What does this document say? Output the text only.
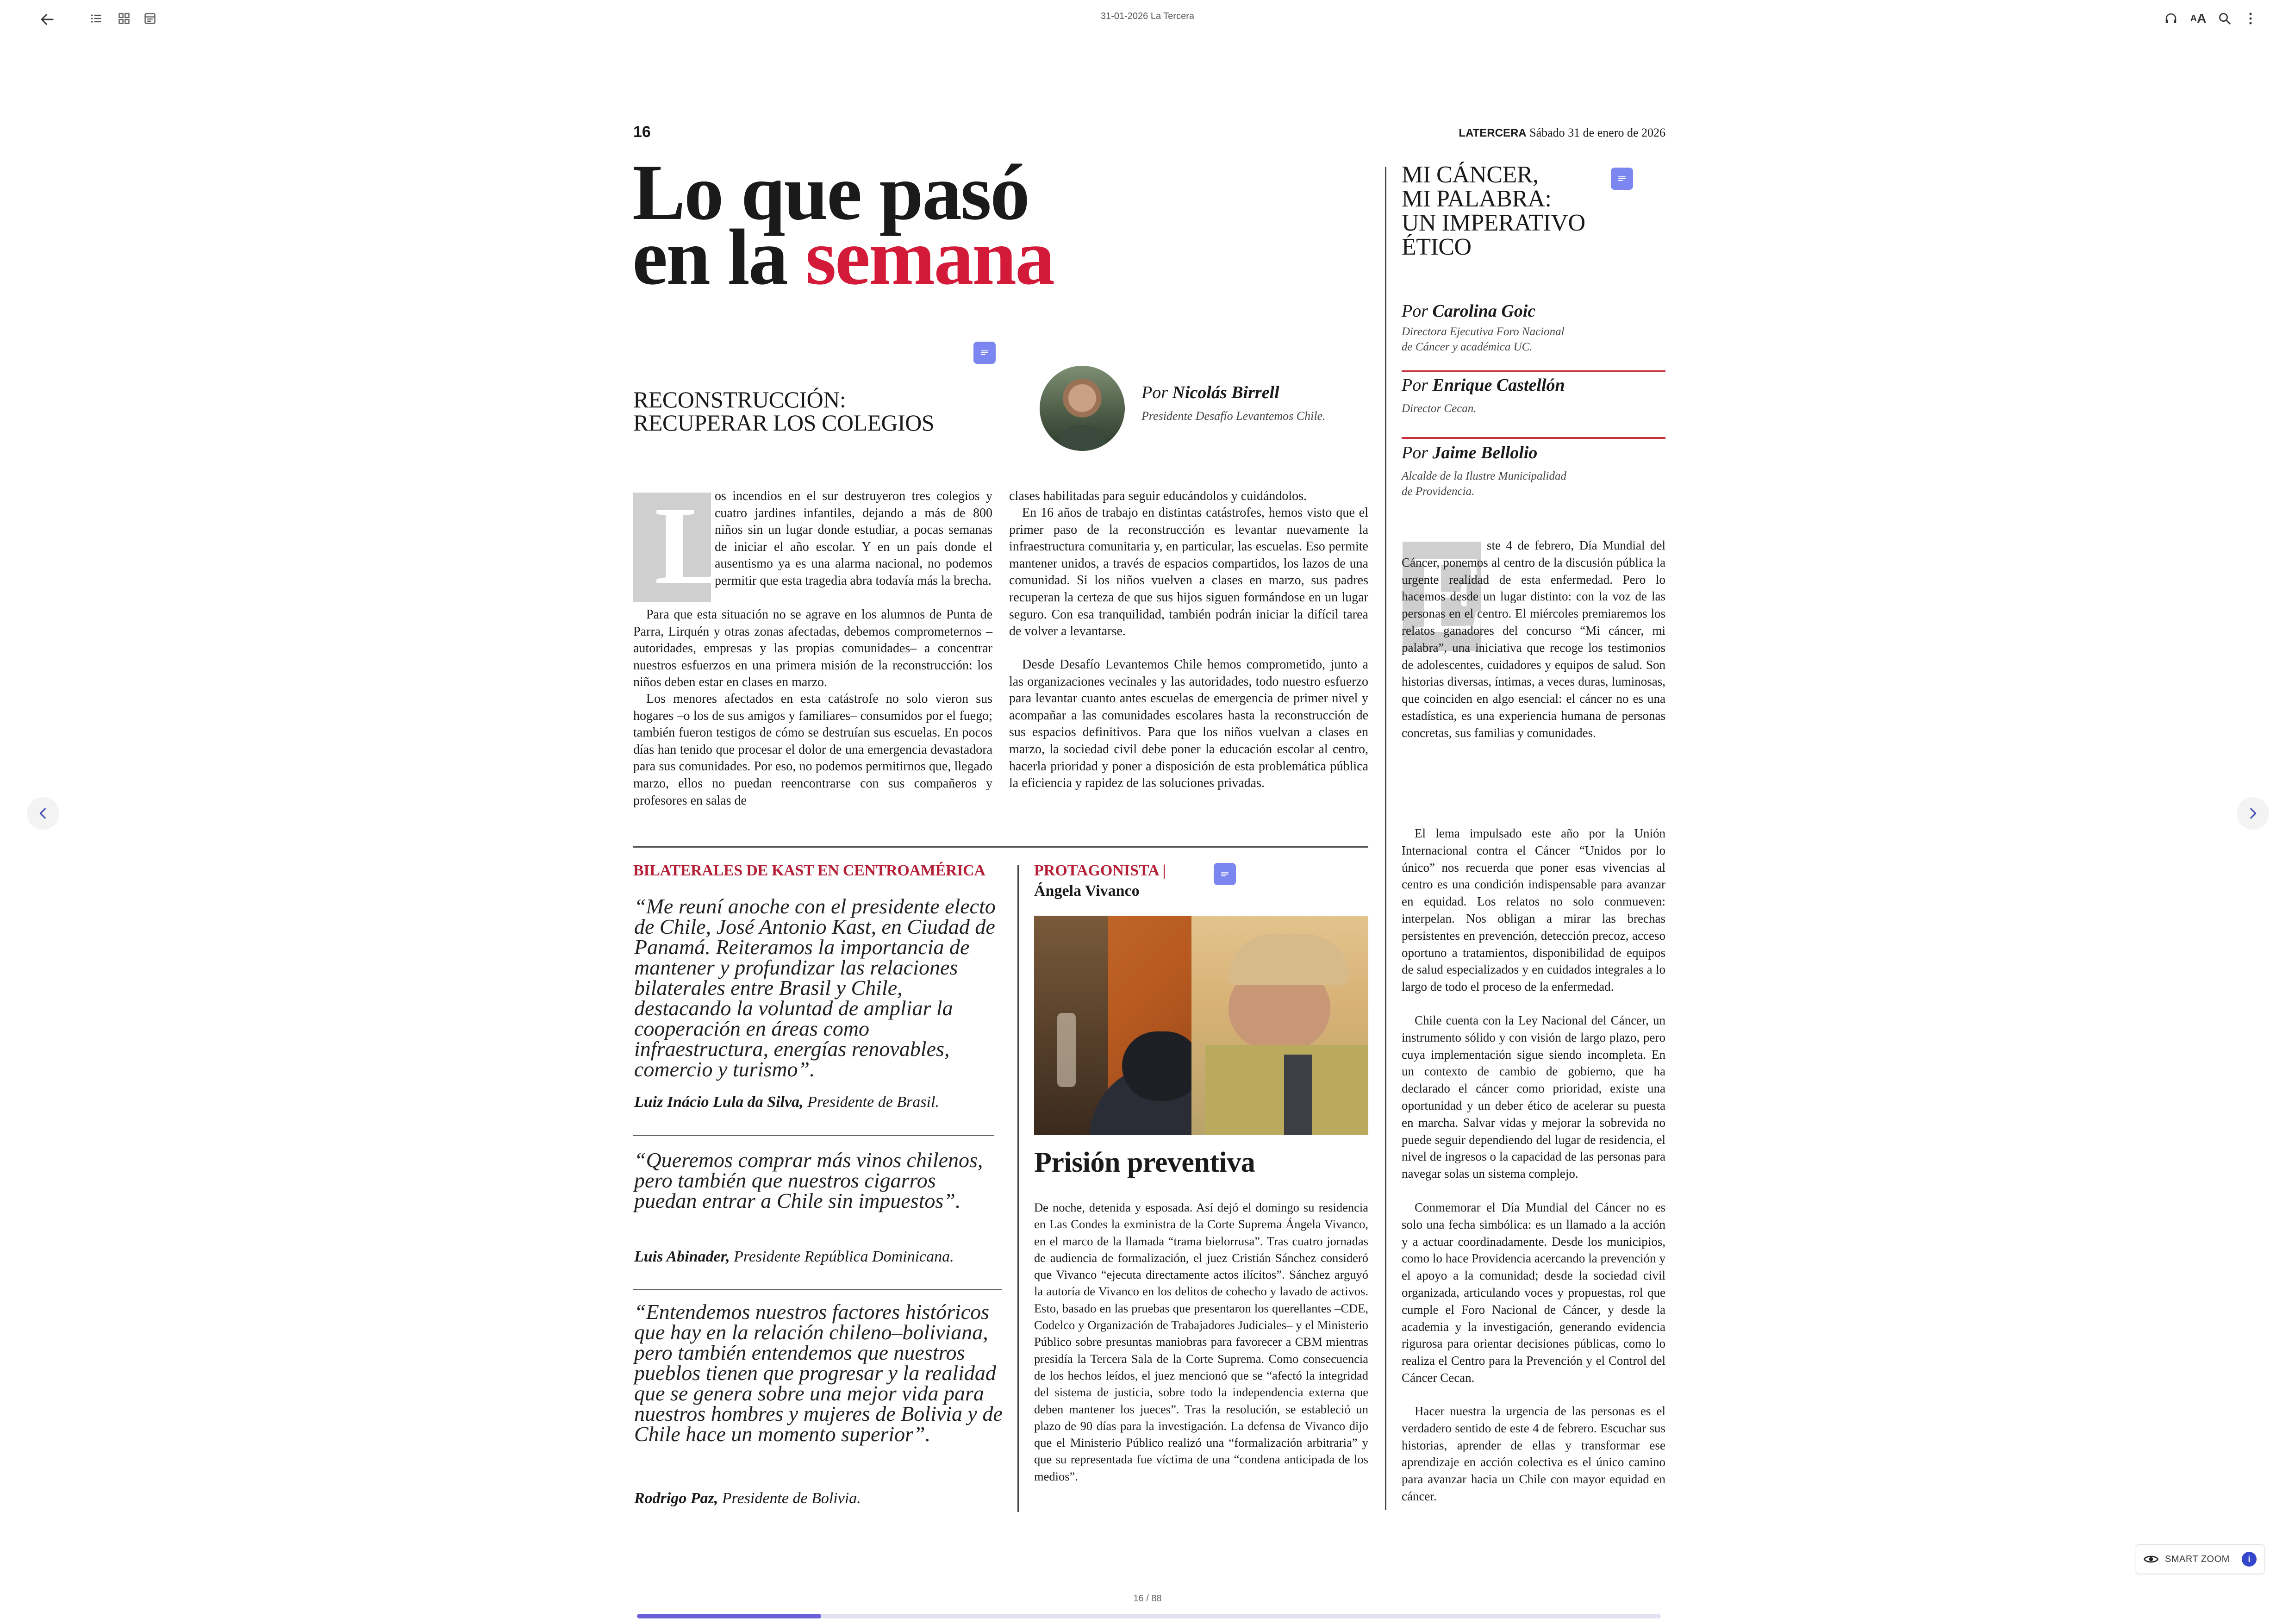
31-01-2026 La Tercera	A A
16	LATERCERA Sábado 31 de enero de 2026
Lo que pasó
en la semana
RECONSTRUCCIÓN:
RECUPERAR LOS COLEGIOS
Por Nicolás Birrell
Presidente Desafío Levantemos Chile.
L

os incendios en el sur destruyeron tres colegios y cuatro jardines infantiles, dejando a más de 800 niños sin un lugar donde estudiar, a pocas semanas de iniciar el año escolar. Y en un país donde el ausentismo ya es una alarma nacional, no podemos permitir que esta tragedia abra todavía más la brecha.

Para que esta situación no se agrave en los alumnos de Punta de Parra, Lirquén y otras zonas afectadas, debemos comprometernos –autoridades, empresas y las propias comunidades– a concentrar nuestros esfuerzos en una primera misión de la reconstrucción: los niños deben estar en clases en marzo.

Los menores afectados en esta catástrofe no solo vieron sus hogares –o los de sus amigos y familiares– consumidos por el fuego; también fueron testigos de cómo se destruían sus escuelas. En pocos días han tenido que procesar el dolor de una emergencia devastadora para sus comunidades. Por eso, no podemos permitirnos que, llegado marzo, ellos no puedan reencontrarse con sus compañeros y profesores en salas de

clases habilitadas para seguir educándolos y cuidándolos.

En 16 años de trabajo en distintas catástrofes, hemos visto que el primer paso de la reconstrucción es levantar nuevamente la infraestructura comunitaria y, en particular, las escuelas. Eso permite mantener unidos, a través de espacios compartidos, los lazos de una comunidad. Si los niños vuelven a clases en marzo, sus padres recuperan la certeza de que sus hijos siguen formándose en un lugar seguro. Con esa tranquilidad, también podrán iniciar la difícil tarea de volver a levantarse.

Desde Desafío Levantemos Chile hemos comprometido, junto a las organizaciones vecinales y las autoridades, todo nuestro esfuerzo para levantar cuanto antes escuelas de emergencia de primer nivel y acompañar a las comunidades escolares hasta la reconstrucción de sus espacios definitivos. Para que los niños vuelvan a clases en marzo, la sociedad civil debe poner la educación escolar al centro, hacerla prioridad y poner a disposición de esta problemática pública la eficiencia y rapidez de las soluciones privadas.

BILATERALES DE KAST EN CENTROAMÉRICA
“Me reuní anoche con el presidente electo de Chile, José Antonio Kast, en Ciudad de Panamá. Reiteramos la importancia de mantener y profundizar las relaciones bilaterales entre Brasil y Chile, destacando la voluntad de ampliar la cooperación en áreas como infraestructura, energías renovables, comercio y turismo”.
Luiz Inácio Lula da Silva, Presidente de Brasil.
“Queremos comprar más vinos chilenos, pero también que nuestros cigarros puedan entrar a Chile sin impuestos”.
Luis Abinader, Presidente República Dominicana.
“Entendemos nuestros factores históricos que hay en la relación chileno–boliviana, pero también entendemos que nuestros pueblos tienen que progresar y la realidad que se genera sobre una mejor vida para nuestros hombres y mujeres de Bolivia y de Chile hace un momento superior”.
Rodrigo Paz, Presidente de Bolivia.
PROTAGONISTA |
Ángela Vivanco
Prisión preventiva

De noche, detenida y esposada. Así dejó el domingo su residencia en Las Condes la exministra de la Corte Suprema Ángela Vivanco, en el marco de la llamada “trama bielorrusa”. Tras cuatro jornadas de audiencia de formalización, el juez Cristián Sánchez consideró que Vivanco “ejecuta directamente actos ilícitos”. Sánchez arguyó la autoría de Vivanco en los delitos de cohecho y lavado de activos. Esto, basado en las pruebas que presentaron los querellantes –CDE, Codelco y Organización de Trabajadores Judiciales– y el Ministerio Público sobre presuntas maniobras para favorecer a CBM mientras presidía la Tercera Sala de la Corte Suprema. Como consecuencia de los hechos leídos, el juez mencionó que se “afectó la integridad del sistema de justicia, sobre todo la independencia externa que deben mantener los jueces”. Tras la resolución, se estableció un plazo de 90 días para la investigación. La defensa de Vivanco dijo que el Ministerio Público realizó una “formalización arbitraria” y que su representada fue víctima de una “condena anticipada de los medios”.

MI CÁNCER,
MI PALABRA:
UN IMPERATIVO
ÉTICO
Por Carolina Goic
Directora Ejecutiva Foro Nacional
de Cáncer y académica UC.
Por Enrique Castellón
Director Cecan.
Por Jaime Bellolio
Alcalde de la Ilustre Municipalidad
de Providencia.
E ste 4 de febrero, Día Mundial del Cáncer, ponemos al centro de la discusión pública la urgente realidad de esta enfermedad. Pero lo hacemos desde un lugar distinto: con la voz de las personas en el centro. El miércoles premiaremos los relatos ganadores del concurso “Mi cáncer, mi palabra”, una iniciativa que recoge los testimonios de adolescentes, cuidadores y equipos de salud. Son historias diversas, íntimas, a veces duras, luminosas, que coinciden en algo esencial: el cáncer no es una estadística, es una experiencia humana de personas concretas, sus familias y comunidades.

El lema impulsado este año por la Unión Internacional contra el Cáncer “Unidos por lo único” nos recuerda que poner esas vivencias al centro es una condición indispensable para avanzar en equidad. Los relatos no solo conmueven: interpelan. Nos obligan a mirar las brechas persistentes en prevención, detección precoz, acceso oportuno a tratamientos, disponibilidad de equipos de salud especializados y en cuidados integrales a lo largo de todo el proceso de la enfermedad.

Chile cuenta con la Ley Nacional del Cáncer, un instrumento sólido y con visión de largo plazo, pero cuya implementación sigue siendo incompleta. En un contexto de cambio de gobierno, que ha declarado el cáncer como prioridad, existe una oportunidad y un deber ético de acelerar su puesta en marcha. Salvar vidas y mejorar la sobrevida no puede seguir dependiendo del lugar de residencia, el nivel de ingresos o la capacidad de las personas para navegar solas un sistema complejo.

Conmemorar el Día Mundial del Cáncer no es solo una fecha simbólica: es un llamado a la acción y a actuar coordinadamente. Desde los municipios, como lo hace Providencia acercando la prevención y el apoyo a la comunidad; desde la sociedad civil organizada, articulando voces y propuestas, rol que cumple el Foro Nacional de Cáncer, y desde la academia y la investigación, generando evidencia rigurosa para orientar decisiones públicas, como lo realiza el Centro para la Prevención y el Control del Cáncer Cecan.

Hacer nuestra la urgencia de las personas es el verdadero sentido de este 4 de febrero. Escuchar sus historias, aprender de ellas y transformar ese aprendizaje en acción colectiva es el único camino para avanzar hacia un Chile con mayor equidad en cáncer.

16 / 88
SMART ZOOM	i
